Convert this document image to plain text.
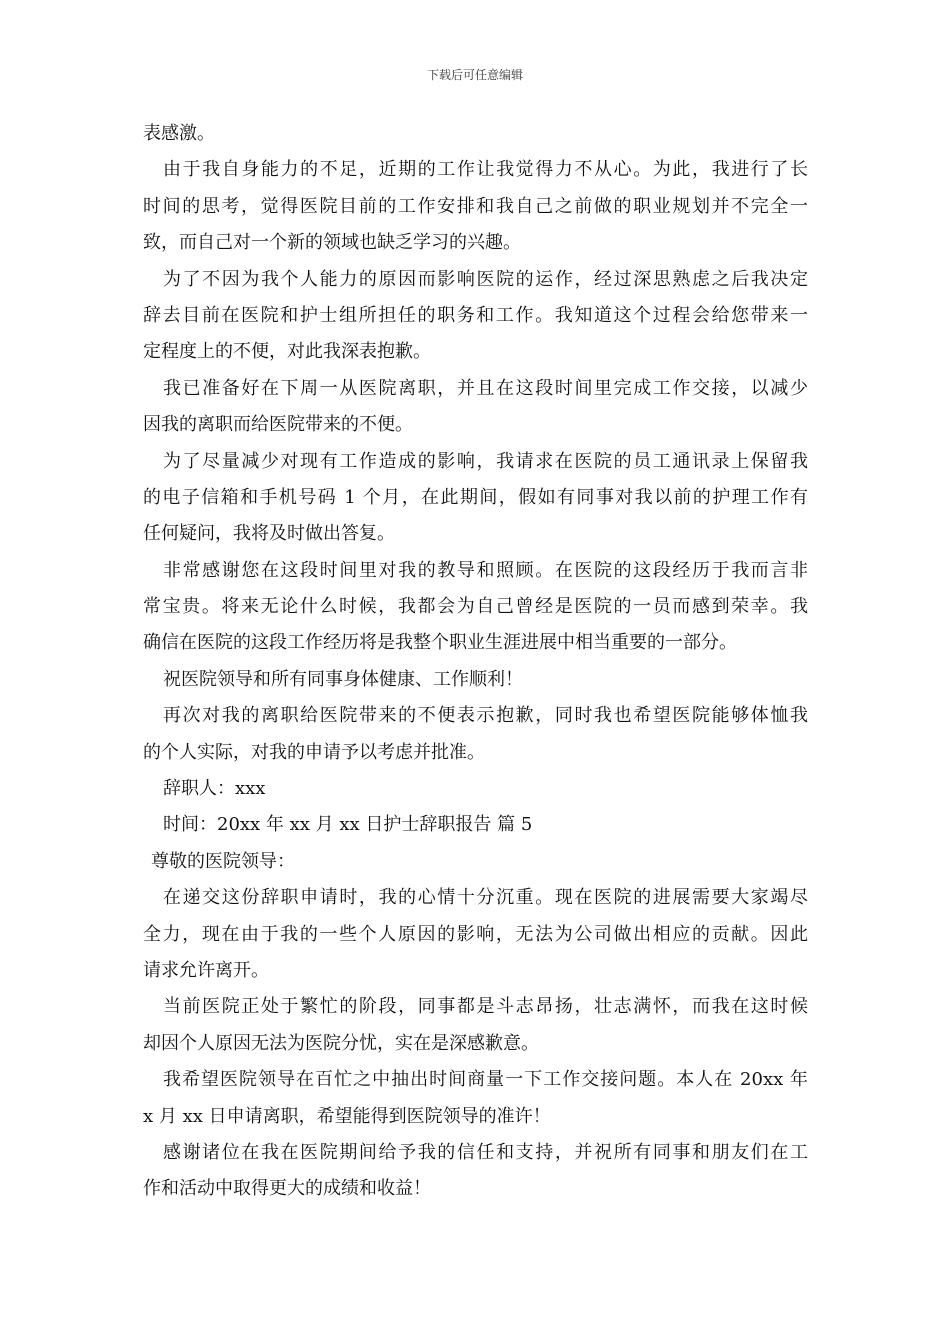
下载后可任意编辑
表感激。
由于我自身能力的不足，近期的工作让我觉得力不从心。为此，我进行了长
时间的思考，觉得医院目前的工作安排和我自己之前做的职业规划并不完全一
致，而自己对一个新的领域也缺乏学习的兴趣。
为了不因为我个人能力的原因而影响医院的运作，经过深思熟虑之后我决定
辞去目前在医院和护士组所担任的职务和工作。我知道这个过程会给您带来一
定程度上的不便，对此我深表抱歉。
我已准备好在下周一从医院离职，并且在这段时间里完成工作交接，以减少
因我的离职而给医院带来的不便。
为了尽量减少对现有工作造成的影响，我请求在医院的员工通讯录上保留我
的电子信箱和手机号码 1 个月，在此期间，假如有同事对我以前的护理工作有
任何疑问，我将及时做出答复。
非常感谢您在这段时间里对我的教导和照顾。在医院的这段经历于我而言非
常宝贵。将来无论什么时候，我都会为自己曾经是医院的一员而感到荣幸。我
确信在医院的这段工作经历将是我整个职业生涯进展中相当重要的一部分。
祝医院领导和所有同事身体健康、工作顺利！
再次对我的离职给医院带来的不便表示抱歉，同时我也希望医院能够体恤我
的个人实际，对我的申请予以考虑并批准。
辞职人：xxx
时间：20xx 年 xx 月 xx 日护士辞职报告 篇 5
尊敬的医院领导：
在递交这份辞职申请时，我的心情十分沉重。现在医院的进展需要大家竭尽
全力，现在由于我的一些个人原因的影响，无法为公司做出相应的贡献。因此
请求允许离开。
当前医院正处于繁忙的阶段，同事都是斗志昂扬，壮志满怀，而我在这时候
却因个人原因无法为医院分忧，实在是深感歉意。
我希望医院领导在百忙之中抽出时间商量一下工作交接问题。本人在 20xx 年
x 月 xx 日申请离职，希望能得到医院领导的准许！
感谢诸位在我在医院期间给予我的信任和支持，并祝所有同事和朋友们在工
作和活动中取得更大的成绩和收益！
